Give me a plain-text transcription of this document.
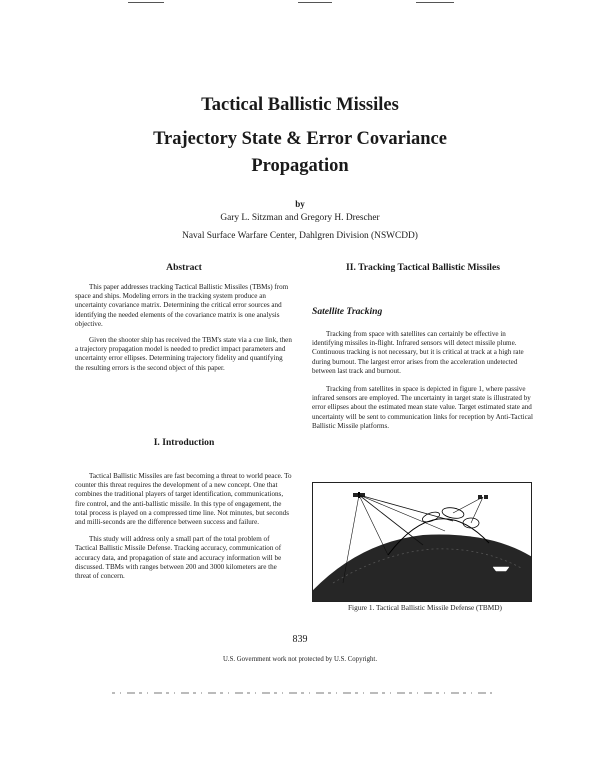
Tactical Ballistic Missiles
Trajectory State & Error Covariance
Propagation
by
Gary L. Sitzman and Gregory H. Drescher
Naval Surface Warfare Center, Dahlgren Division (NSWCDD)
Abstract

This paper addresses tracking Tactical Ballistic Missiles (TBMs) from space and ships. Modeling errors in the tracking system produce an uncertainty covariance matrix. Determining the critical error sources and identifying the needed elements of the covariance matrix is one analysis objective.

Given the shooter ship has received the TBM's state via a cue link, then a trajectory propagation model is needed to predict impact parameters and uncertainty error ellipses. Determining trajectory fidelity and quantifying the resulting errors is the second object of this paper.

I. Introduction

Tactical Ballistic Missiles are fast becoming a threat to world peace. To counter this threat requires the development of a new concept. One that combines the traditional players of target identification, communications, fire control, and the anti-ballistic missile. In this type of engagement, the total process is played on a compressed time line. Not minutes, but seconds and milli-seconds are the difference between success and failure.

This study will address only a small part of the total problem of Tactical Ballistic Missile Defense. Tracking accuracy, communication of accuracy data, and propagation of state and accuracy information will be discussed. TBMs with ranges between 200 and 3000 kilometers are the threat of concern.

II. Tracking Tactical Ballistic Missiles
Satellite Tracking

Tracking from space with satellites can certainly be effective in identifying missiles in-flight. Infrared sensors will detect missile plume. Continuous tracking is not necessary, but it is critical at track at a high rate during burnout. The largest error arises from the acceleration undetected between last track and burnout.

Tracking from satellites in space is depicted in figure 1, where passive infrared sensors are employed. The uncertainty in target state is illustrated by error ellipses about the estimated mean state value. Target estimated state and uncertainty will be sent to communication links for reception by Anti-Tactical Ballistic Missile platforms.

Figure 1. Tactical Ballistic Missile Defense (TBMD)
839
U.S. Government work not protected by U.S. Copyright.
